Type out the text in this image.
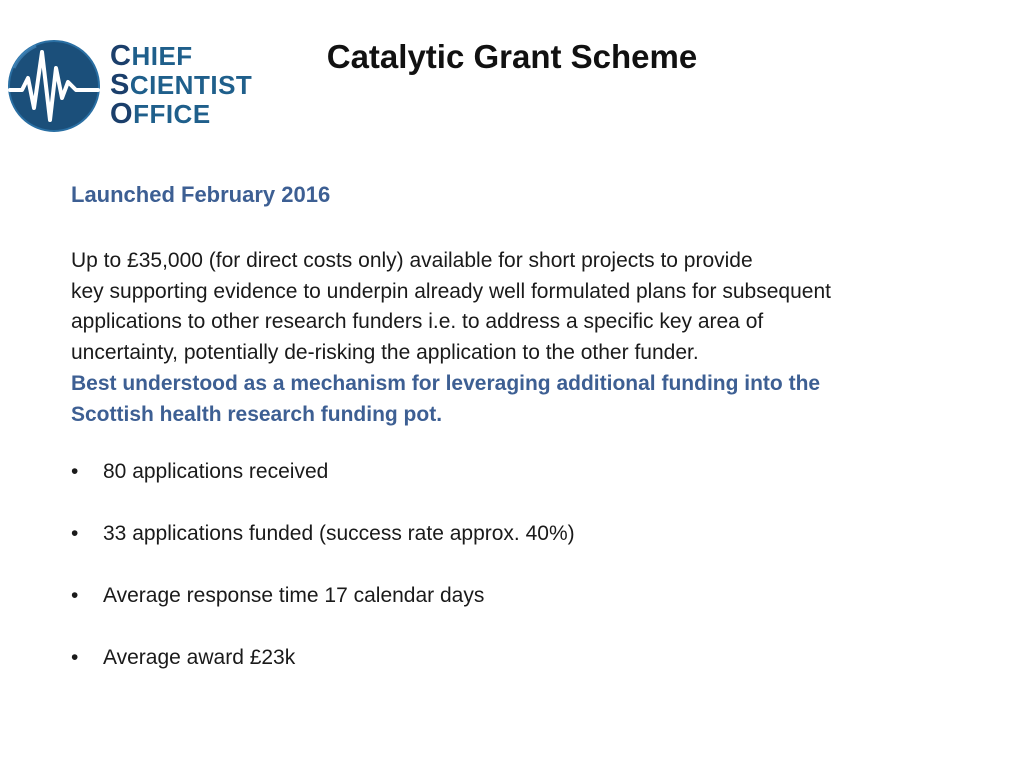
CHIEF
SCIENTIST
OFFICE
Catalytic Grant Scheme
Launched February 2016
Up to £35,000 (for direct costs only) available for short projects to provide
key supporting evidence to underpin already well formulated plans for subsequent
applications to other research funders i.e. to address a specific key area of
uncertainty, potentially de-risking the application to the other funder.
Best understood as a mechanism for leveraging additional funding into the
Scottish health research funding pot.
• 80 applications received
• 33 applications funded (success rate approx. 40%)
• Average response time 17 calendar days
• Average award £23k
